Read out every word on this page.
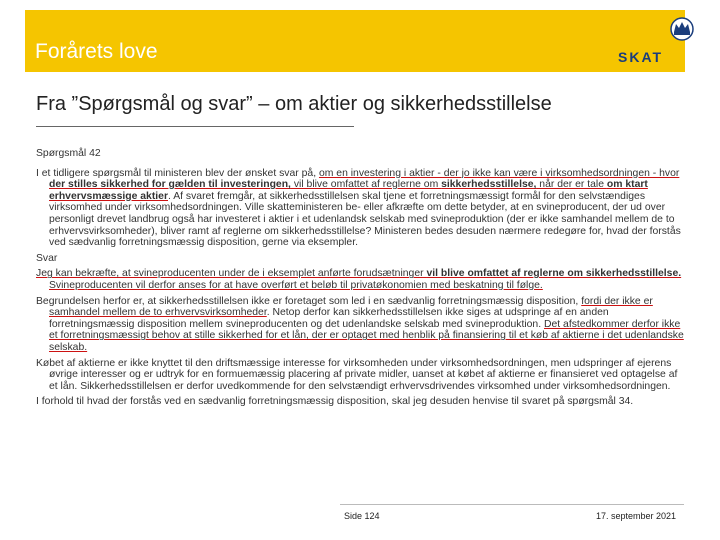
Forårets love	SKAT
Fra ”Spørgsmål og svar” – om aktier og sikkerhedsstillelse

Spørgsmål 42

I et tidligere spørgsmål til ministeren blev der ønsket svar på, om en investering i aktier - der jo ikke kan være i virksomhedsordningen - hvor der stilles sikkerhed for gælden til investeringen, vil blive omfattet af reglerne om sikkerhedsstillelse, når der er tale om ktart erhvervsmæssige aktier. Af svaret fremgår, at sikkerhedsstillelsen skal tjene et forretningsmæssigt formål for den selvstændiges virksomhed under virksomhedsordningen. Ville skatteministeren be- eller afkræfte om dette betyder, at en svineproducent, der ud over personligt drevet landbrug også har investeret i aktier i et udenlandsk selskab med svineproduktion (der er ikke samhandel mellem de to erhvervsvirksomheder), bliver ramt af reglerne om sikkerhedsstillelse? Ministeren bedes desuden nærmere redegøre for, hvad der forstås ved sædvanlig forretningsmæssig disposition, gerne via eksempler.

Svar

Jeg kan bekræfte, at svineproducenten under de i eksemplet anførte forudsætninger vil blive omfattet af reglerne om sikkerhedsstillelse. Svineproducenten vil derfor anses for at have overført et beløb til privatøkonomien med beskatning til følge.

Begrundelsen herfor er, at sikkerhedsstillelsen ikke er foretaget som led i en sædvanlig forretningsmæssig disposition, fordi der ikke er samhandel mellem de to erhvervsvirksomheder. Netop derfor kan sikkerhedsstillelsen ikke siges at udspringe af en anden forretningsmæssig disposition mellem svineproducenten og det udenlandske selskab med svineproduktion. Det afstedkommer derfor ikke et forretningsmæssigt behov at stille sikkerhed for et lån, der er optaget med henblik på finansiering til et køb af aktierne i det udenlandske selskab.

Købet af aktierne er ikke knyttet til den driftsmæssige interesse for virksomheden under virksomhedsordningen, men udspringer af ejerens øvrige interesser og er udtryk for en formuemæssig placering af private midler, uanset at købet af aktierne er finansieret ved optagelse af et lån. Sikkerhedsstillelsen er derfor uvedkommende for den selvstændigt erhvervsdrivendes virksomhed under virksomhedsordningen.

I forhold til hvad der forstås ved en sædvanlig forretningsmæssig disposition, skal jeg desuden henvise til svaret på spørgsmål 34.

Side 124	17. september 2021
